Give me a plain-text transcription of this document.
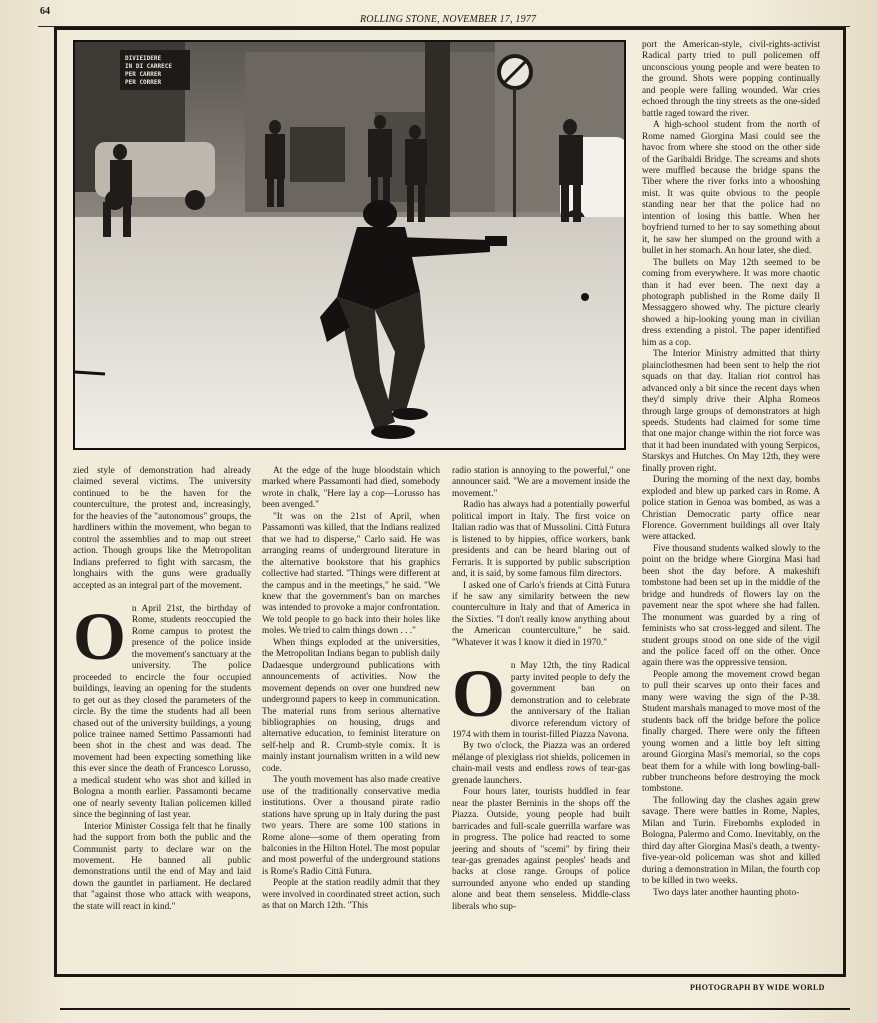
64
ROLLING STONE, NOVEMBER 17, 1977
DIVIEIDERE
IN DI CARRECE
PER CARRER
PER CORRER

zied style of demonstration had already claimed several victims. The university continued to be the haven for the counterculture, the protest and, increasingly, for the heavies of the "autonomous" groups, the hardliners within the movement, who began to control the assemblies and to map out street action. Though groups like the Metropolitan Indians preferred to fight with sarcasm, the longhairs with the guns were gradually accepted as an integral part of the movement.

O n April 21st, the birthday of Rome, students reoccupied the Rome campus to protest the presence of the police inside the movement's sanctuary at the university. The police proceeded to encircle the four occupied buildings, leaving an opening for the students to get out as they closed the parameters of the circle. By the time the students had all been chased out of the university buildings, a young police trainee named Settimo Passamonti had been shot in the chest and was dead. The movement had been expecting something like this ever since the death of Francesco Lorusso, a medical student who was shot and killed in Bologna a month earlier. Passamonti became one of nearly seventy Italian policemen killed since the beginning of last year.

Interior Minister Cossiga felt that he finally had the support from both the public and the Communist party to declare war on the movement. He banned all public demonstrations until the end of May and laid down the gauntlet in parliament. He declared that "against those who attack with weapons, the state will react in kind."

At the edge of the huge bloodstain which marked where Passamonti had died, somebody wrote in chalk, "Here lay a cop—Lorusso has been avenged."

"It was on the 21st of April, when Passamonti was killed, that the Indians realized that we had to disperse," Carlo said. He was arranging reams of underground literature in the alternative bookstore that his graphics collective had started. "Things were different at the campus and in the meetings," he said. "We knew that the government's ban on marches was intended to provoke a major confrontation. We told people to go back into their holes like moles. We tried to calm things down . . ."

When things exploded at the universities, the Metropolitan Indians began to publish daily Dadaesque underground publications with announcements of activities. Now the movement depends on over one hundred new underground papers to keep in communication. The material runs from serious alternative bibliographies on housing, drugs and alternative education, to feminist literature on self-help and R. Crumb-style comix. It is mainly instant journalism written in a wild new code.

The youth movement has also made creative use of the traditionally conservative media institutions. Over a thousand pirate radio stations have sprung up in Italy during the past two years. There are some 100 stations in Rome alone—some of them operating from balconies in the Hilton Hotel. The most popular and most powerful of the underground stations is Rome's Radio Città Futura.

People at the station readily admit that they were involved in coordinated street action, such as that on March 12th. "This

radio station is annoying to the powerful," one announcer said. "We are a movement inside the movement."

Radio has always had a potentially powerful political import in Italy. The first voice on Italian radio was that of Mussolini. Città Futura is listened to by hippies, office workers, bank presidents and can be heard blaring out of Ferraris. It is supported by public subscription and, it is said, by some famous film directors.

I asked one of Carlo's friends at Città Futura if he saw any similarity between the new counterculture in Italy and that of America in the Sixties. "I don't really know anything about the American counterculture," he said. "Whatever it was I know it died in 1970."

O n May 12th, the tiny Radical party invited people to defy the government ban on demonstration and to celebrate the anniversary of the Italian divorce referendum victory of 1974 with them in tourist-filled Piazza Navona.

By two o'clock, the Piazza was an ordered mélange of plexiglass riot shields, policemen in chain-mail vests and endless rows of tear-gas grenade launchers.

Four hours later, tourists huddled in fear near the plaster Berninis in the shops off the Piazza. Outside, young people had built barricades and full-scale guerrilla warfare was in progress. The police had reacted to some jeering and shouts of "scemi" by firing their tear-gas grenades against peoples' heads and backs at close range. Groups of police surrounded anyone who ended up standing alone and beat them senseless. Middle-class liberals who sup-

port the American-style, civil-rights-activist Radical party tried to pull policemen off unconscious young people and were beaten to the ground. Shots were popping continually and people were falling wounded. War cries echoed through the tiny streets as the one-sided battle raged toward the river.

A high-school student from the north of Rome named Giorgina Masi could see the havoc from where she stood on the other side of the Garibaldi Bridge. The screams and shots were muffled because the bridge spans the Tiber where the river forks into a whooshing mist. It was quite obvious to the people standing near her that the police had no intention of losing this battle. When her boyfriend turned to her to say something about it, he saw her slumped on the ground with a bullet in her stomach. An hour later, she died.

The bullets on May 12th seemed to be coming from everywhere. It was more chaotic than it had ever been. The next day a photograph published in the Rome daily Il Messaggero showed why. The picture clearly showed a hip-looking young man in civilian dress extending a pistol. The paper identified him as a cop.

The Interior Ministry admitted that thirty plainclothesmen had been sent to help the riot squads on that day. Italian riot control has advanced only a bit since the recent days when they'd simply drive their Alpha Romeos through large groups of demonstrators at high speeds. Students had claimed for some time that one major change within the riot force was that it had been inundated with young Serpicos, Starskys and Hutches. On May 12th, they were finally proven right.

During the morning of the next day, bombs exploded and blew up parked cars in Rome. A police station in Genoa was bombed, as was a Christian Democratic party office near Florence. Government buildings all over Italy were attacked.

Five thousand students walked slowly to the point on the bridge where Giorgina Masi had been shot the day before. A makeshift tombstone had been set up in the middle of the bridge and hundreds of flowers lay on the pavement near the spot where she had fallen. The monument was guarded by a ring of feminists who sat cross-legged and silent. The student groups stood on one side of the vigil and the police faced off on the other. Once again there was the oppressive tension.

People among the movement crowd began to pull their scarves up onto their faces and many were waving the sign of the P-38. Student marshals managed to move most of the students back off the bridge before the police finally charged. There were only the fifteen young women and a little boy left sitting around Giorgina Masi's memorial, so the cops beat them for a while with long bowling-ball-rubber truncheons before destroying the mock tombstone.

The following day the clashes again grew savage. There were battles in Rome, Naples, Milan and Turin. Firebombs exploded in Bologna, Palermo and Como. Inevitably, on the third day after Giorgina Masi's death, a twenty-five-year-old policeman was shot and killed during a demonstration in Milan, the fourth cop to be killed in two weeks.

Two days later another haunting photo-

PHOTOGRAPH BY WIDE WORLD
